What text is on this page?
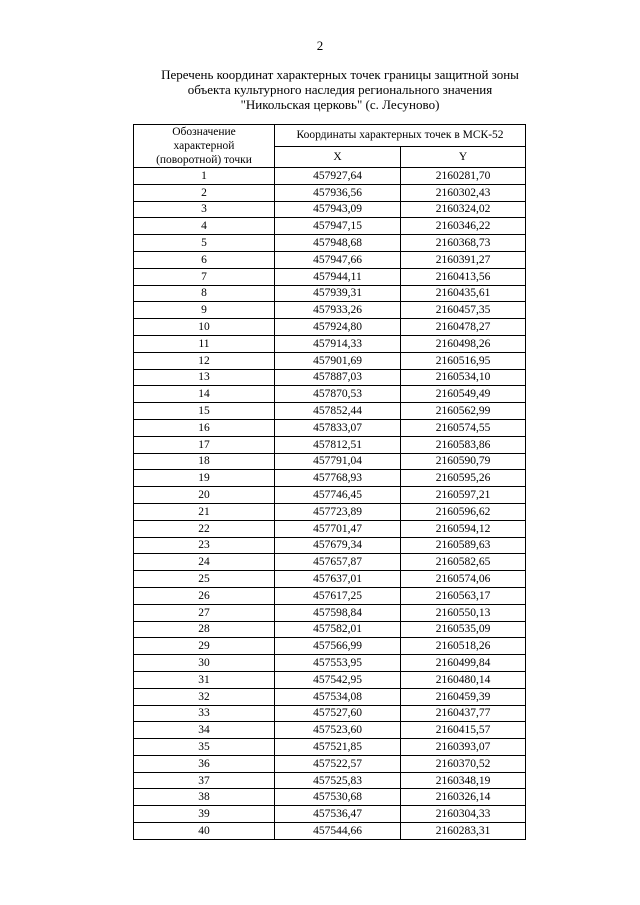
2
Перечень координат характерных точек границы защитной зоны
объекта культурного наследия регионального значения
"Никольская церковь" (с. Лесуново)
Обозначение
характерной
(поворотной) точки	Координаты характерных точек в МСК-52	
	X	Y
1	457927,64	2160281,70
2	457936,56	2160302,43
3	457943,09	2160324,02
4	457947,15	2160346,22
5	457948,68	2160368,73
6	457947,66	2160391,27
7	457944,11	2160413,56
8	457939,31	2160435,61
9	457933,26	2160457,35
10	457924,80	2160478,27
11	457914,33	2160498,26
12	457901,69	2160516,95
13	457887,03	2160534,10
14	457870,53	2160549,49
15	457852,44	2160562,99
16	457833,07	2160574,55
17	457812,51	2160583,86
18	457791,04	2160590,79
19	457768,93	2160595,26
20	457746,45	2160597,21
21	457723,89	2160596,62
22	457701,47	2160594,12
23	457679,34	2160589,63
24	457657,87	2160582,65
25	457637,01	2160574,06
26	457617,25	2160563,17
27	457598,84	2160550,13
28	457582,01	2160535,09
29	457566,99	2160518,26
30	457553,95	2160499,84
31	457542,95	2160480,14
32	457534,08	2160459,39
33	457527,60	2160437,77
34	457523,60	2160415,57
35	457521,85	2160393,07
36	457522,57	2160370,52
37	457525,83	2160348,19
38	457530,68	2160326,14
39	457536,47	2160304,33
40	457544,66	2160283,31
